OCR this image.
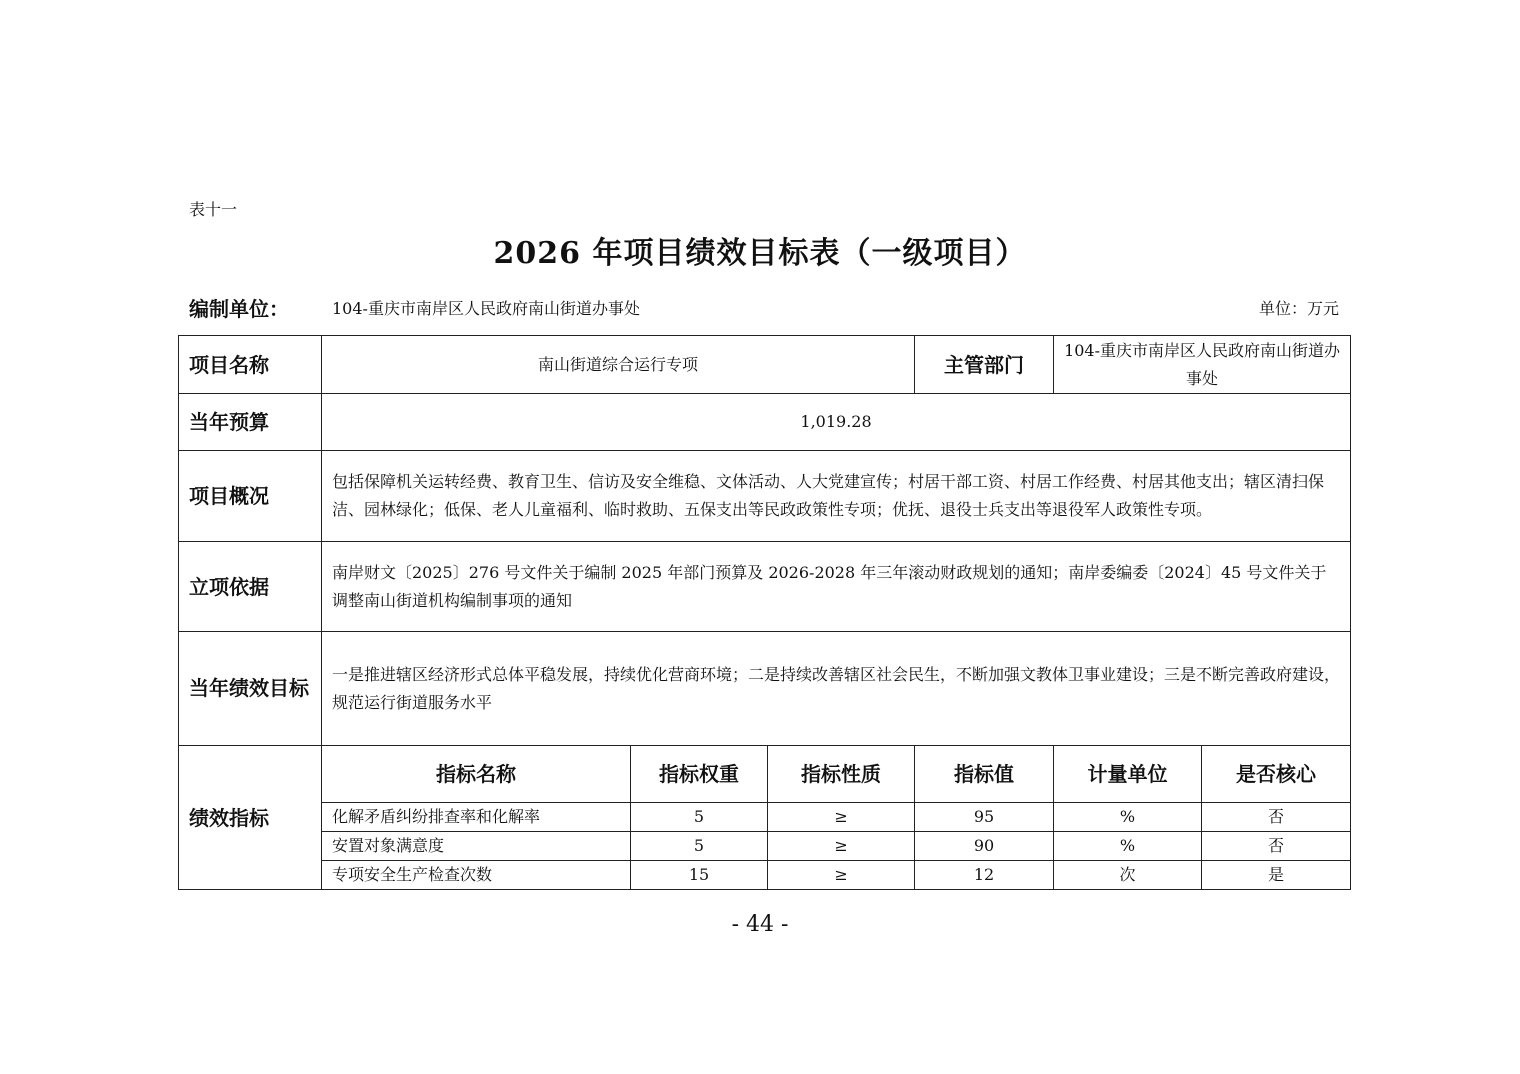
表十一
2026 年项目绩效目标表（一级项目）
编制单位：	104-重庆市南岸区人民政府南山街道办事处	单位：万元
项目名称	南山街道综合运行专项			主管部门	104-重庆市南岸区人民政府南山街道办事处	
当年预算	1,019.28					
项目概况	包括保障机关运转经费、教育卫生、信访及安全维稳、文体活动、人大党建宣传；村居干部工资、村居工作经费、村居其他支出；辖区清扫保洁、园林绿化；低保、老人儿童福利、临时救助、五保支出等民政政策性专项；优抚、退役士兵支出等退役军人政策性专项。					
立项依据	南岸财文〔2025〕276 号文件关于编制 2025 年部门预算及 2026-2028 年三年滚动财政规划的通知；南岸委编委〔2024〕45 号文件关于调整南山街道机构编制事项的通知					
当年绩效目标	一是推进辖区经济形式总体平稳发展，持续优化营商环境；二是持续改善辖区社会民生，不断加强文教体卫事业建设；三是不断完善政府建设，规范运行街道服务水平					
绩效指标	指标名称	指标权重	指标性质	指标值	计量单位	是否核心
	化解矛盾纠纷排查率和化解率	5	≥	95	%	否
	安置对象满意度	5	≥	90	%	否
	专项安全生产检查次数	15	≥	12	次	是
- 44 -
